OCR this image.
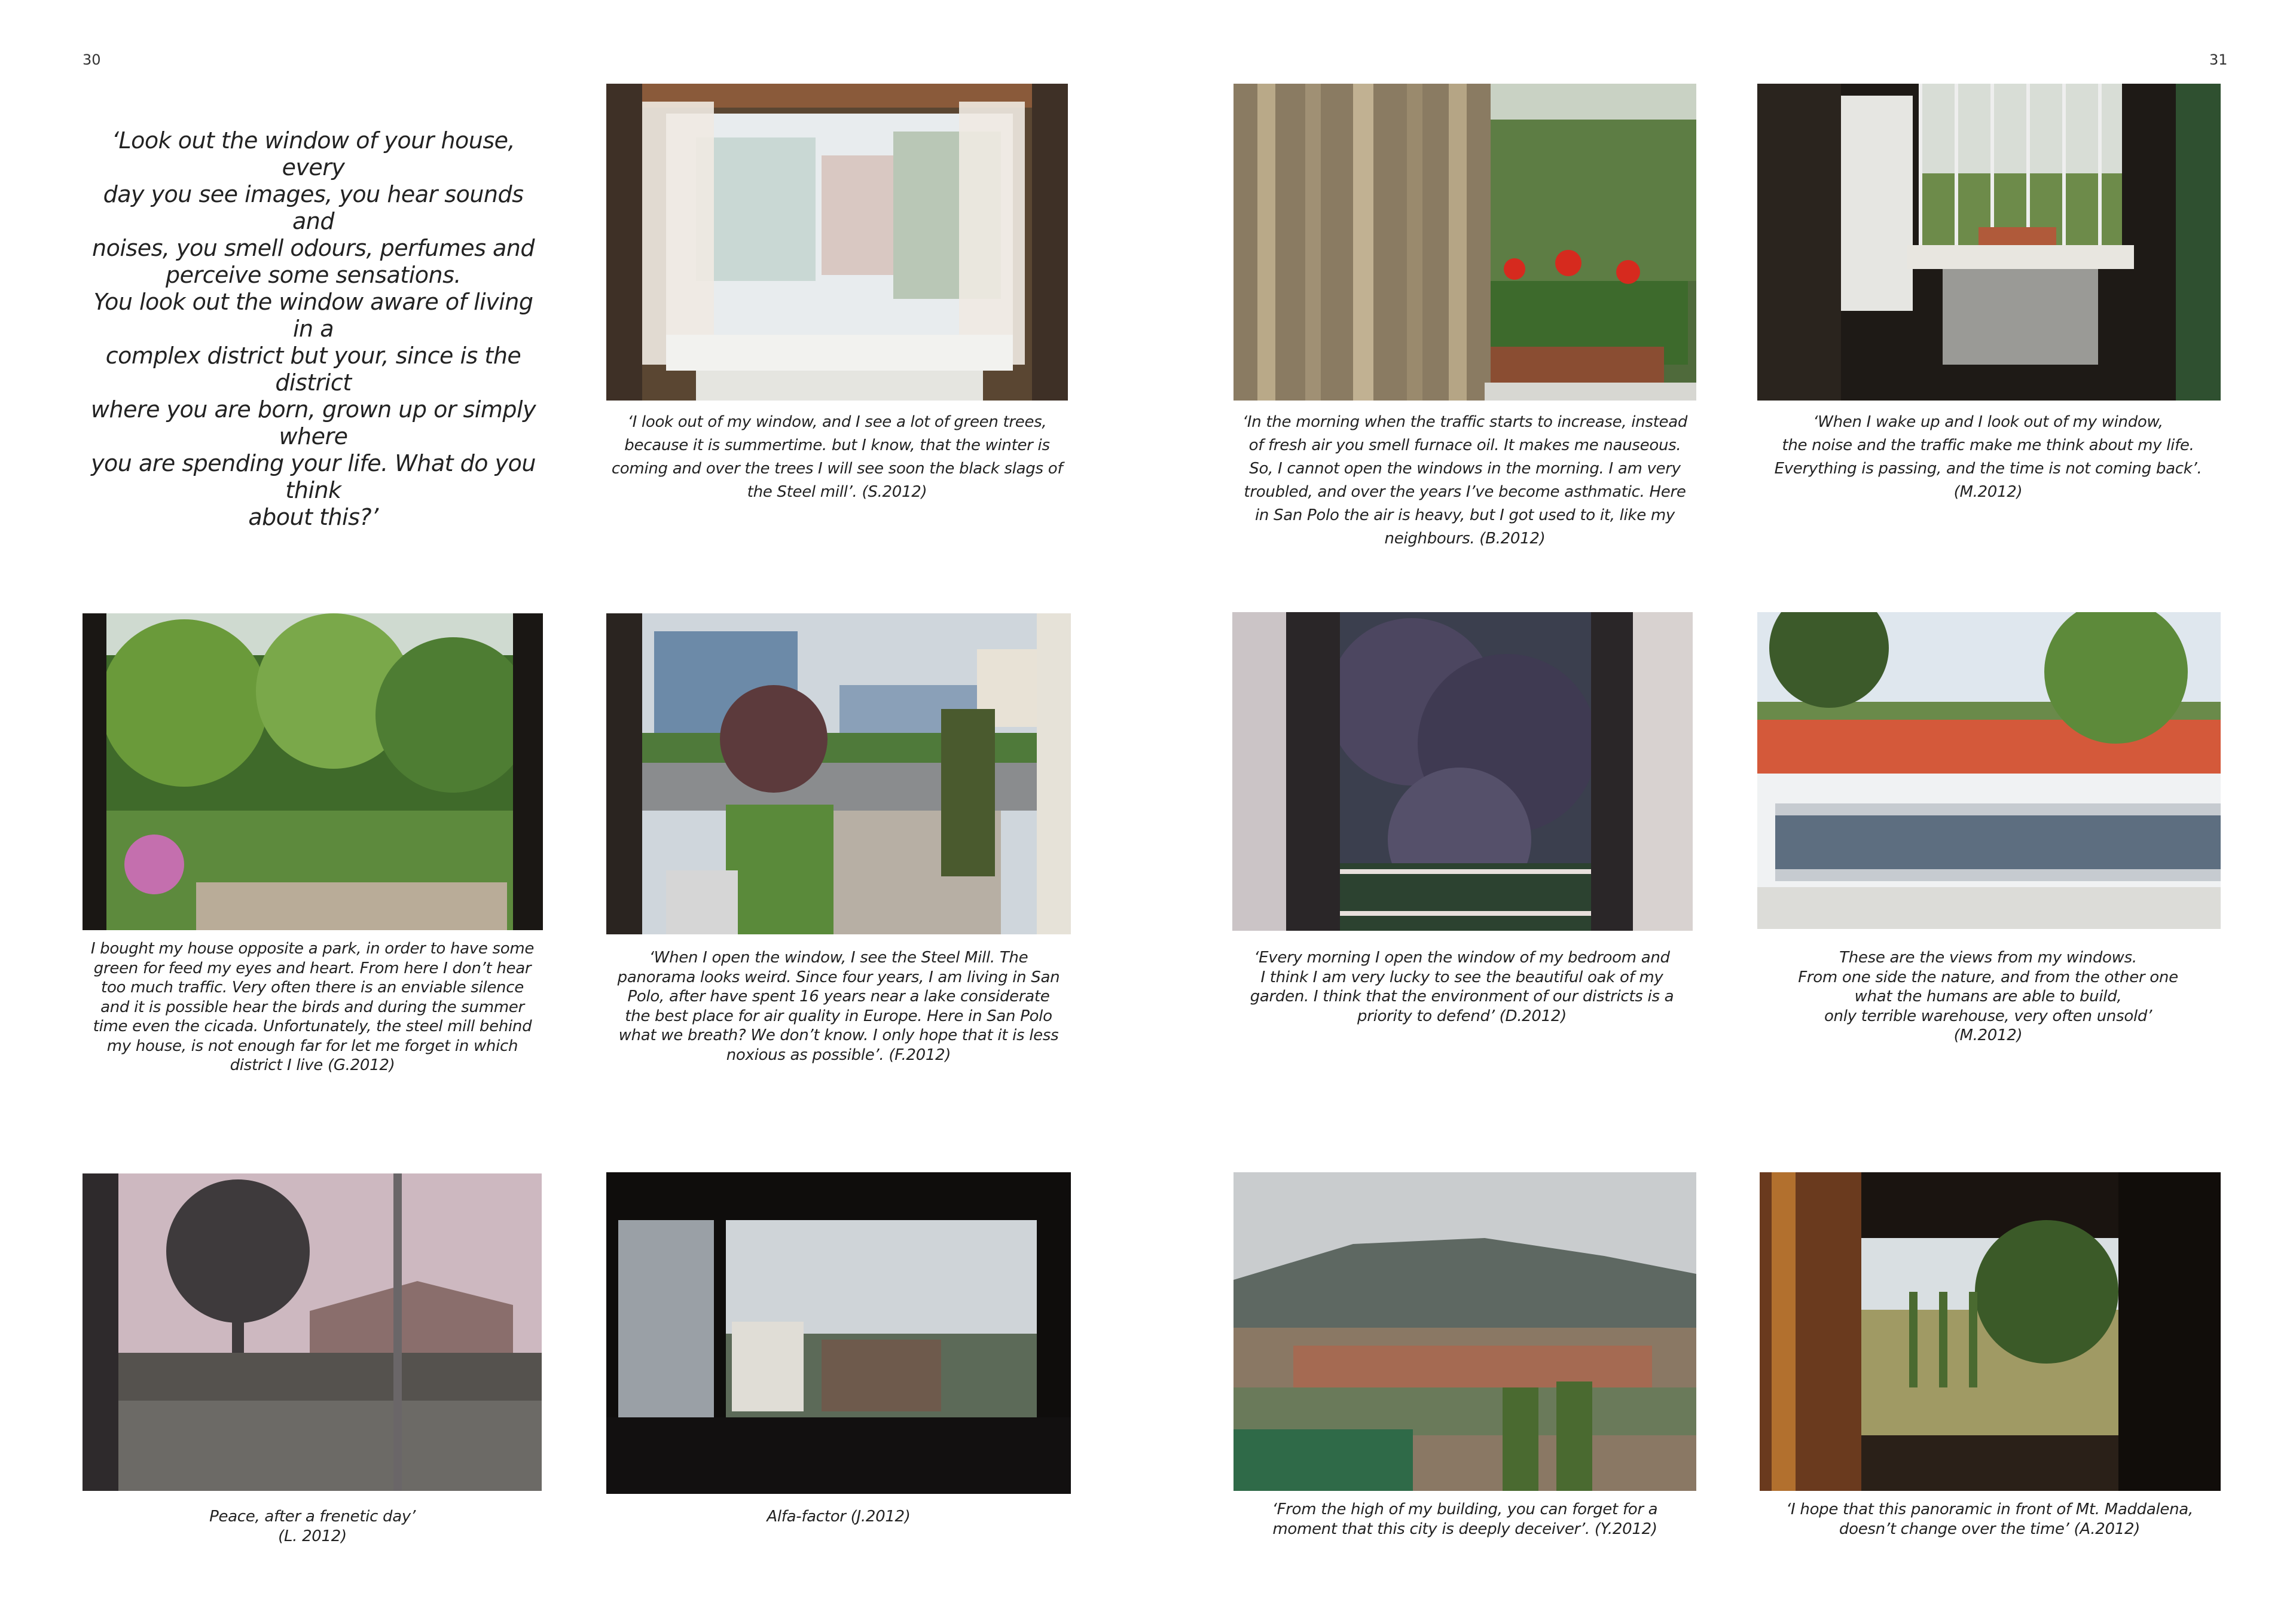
30	31
‘Look out the window of your house, every
day you see images, you hear sounds and
noises, you smell odours, perfumes and
perceive some sensations.
You look out the window aware of living in a
complex district but your, since is the district
where you are born, grown up or simply where
you are spending your life. What do you think
about this?’
‘I look out of my window, and I see a lot of green trees,
because it is summertime. but I know, that the winter is
coming and over the trees I will see soon the black slags of
the Steel mill’. (S.2012)
‘In the morning when the traffic starts to increase, instead
of fresh air you smell furnace oil. It makes me nauseous.
So, I cannot open the windows in the morning. I am very
troubled, and over the years I’ve become asthmatic. Here
in San Polo the air is heavy, but I got used to it, like my
neighbours. (B.2012)
‘When I wake up and I look out of my window,
the noise and the traffic make me think about my life.
Everything is passing, and the time is not coming back’.
(M.2012)
I bought my house opposite a park, in order to have some
green for feed my eyes and heart. From here I don’t hear
too much traffic. Very often there is an enviable silence
and it is possible hear the birds and during the summer
time even the cicada. Unfortunately, the steel mill behind
my house, is not enough far for let me forget in which
district I live (G.2012)
‘When I open the window, I see the Steel Mill. The
panorama looks weird. Since four years, I am living in San
Polo, after have spent 16 years near a lake considerate
the best place for air quality in Europe. Here in San Polo
what we breath? We don’t know. I only hope that it is less
noxious as possible’. (F.2012)
‘Every morning I open the window of my bedroom and
I think I am very lucky to see the beautiful oak of my
garden. I think that the environment of our districts is a
priority to defend’ (D.2012)
These are the views from my windows.
From one side the nature, and from the other one
what the humans are able to build,
only terrible warehouse, very often unsold’
(M.2012)
Peace, after a frenetic day’
(L. 2012)
Alfa-factor (J.2012)	‘From the high of my building, you can forget for a
moment that this city is deeply deceiver’. (Y.2012)
‘I hope that this panoramic in front of Mt. Maddalena,
doesn’t change over the time’ (A.2012)
